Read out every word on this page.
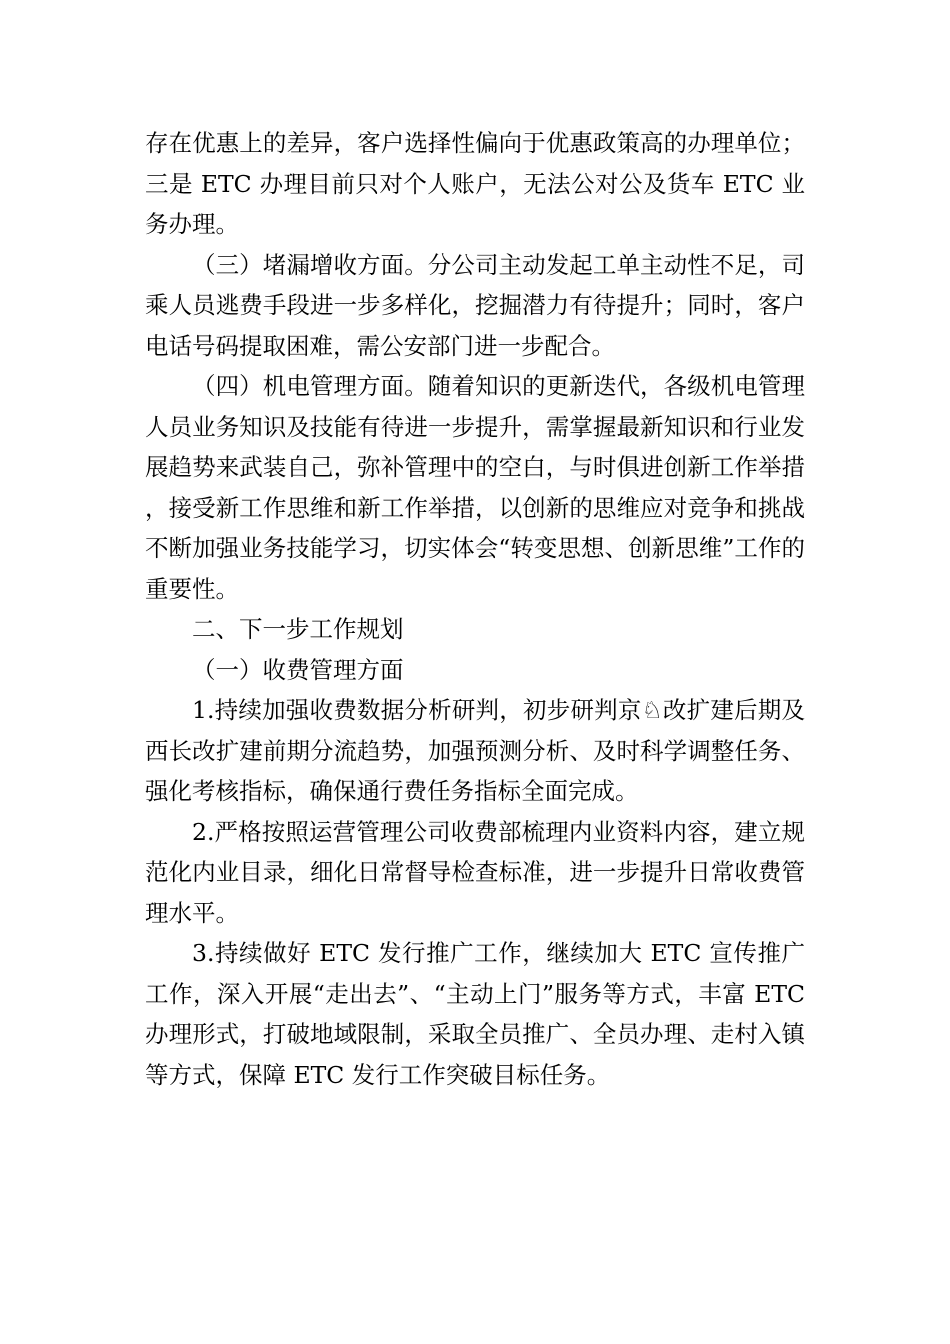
存在优惠上的差异，客户选择性偏向于优惠政策高的办理单位；三是 ETC 办理目前只对个人账户，无法公对公及货车 ETC 业务办理。

（三）堵漏增收方面。分公司主动发起工单主动性不足，司乘人员逃费手段进一步多样化，挖掘潜力有待提升；同时，客户电话号码提取困难，需公安部门进一步配合。

（四）机电管理方面。随着知识的更新迭代，各级机电管理人员业务知识及技能有待进一步提升，需掌握最新知识和行业发展趋势来武装自己，弥补管理中的空白，与时俱进创新工作举措，接受新工作思维和新工作举措，以创新的思维应对竞争和挑战不断加强业务技能学习，切实体会“转变思想、创新思维”工作的重要性。

二、下一步工作规划

（一）收费管理方面

1.持续加强收费数据分析研判，初步研判京♘改扩建后期及西长改扩建前期分流趋势，加强预测分析、及时科学调整任务、强化考核指标，确保通行费任务指标全面完成。

2.严格按照运营管理公司收费部梳理内业资料内容，建立规范化内业目录，细化日常督导检查标准，进一步提升日常收费管理水平。

3.持续做好 ETC 发行推广工作，继续加大 ETC 宣传推广工作，深入开展“走出去”、“主动上门”服务等方式，丰富 ETC 办理形式，打破地域限制，采取全员推广、全员办理、走村入镇等方式，保障 ETC 发行工作突破目标任务。
